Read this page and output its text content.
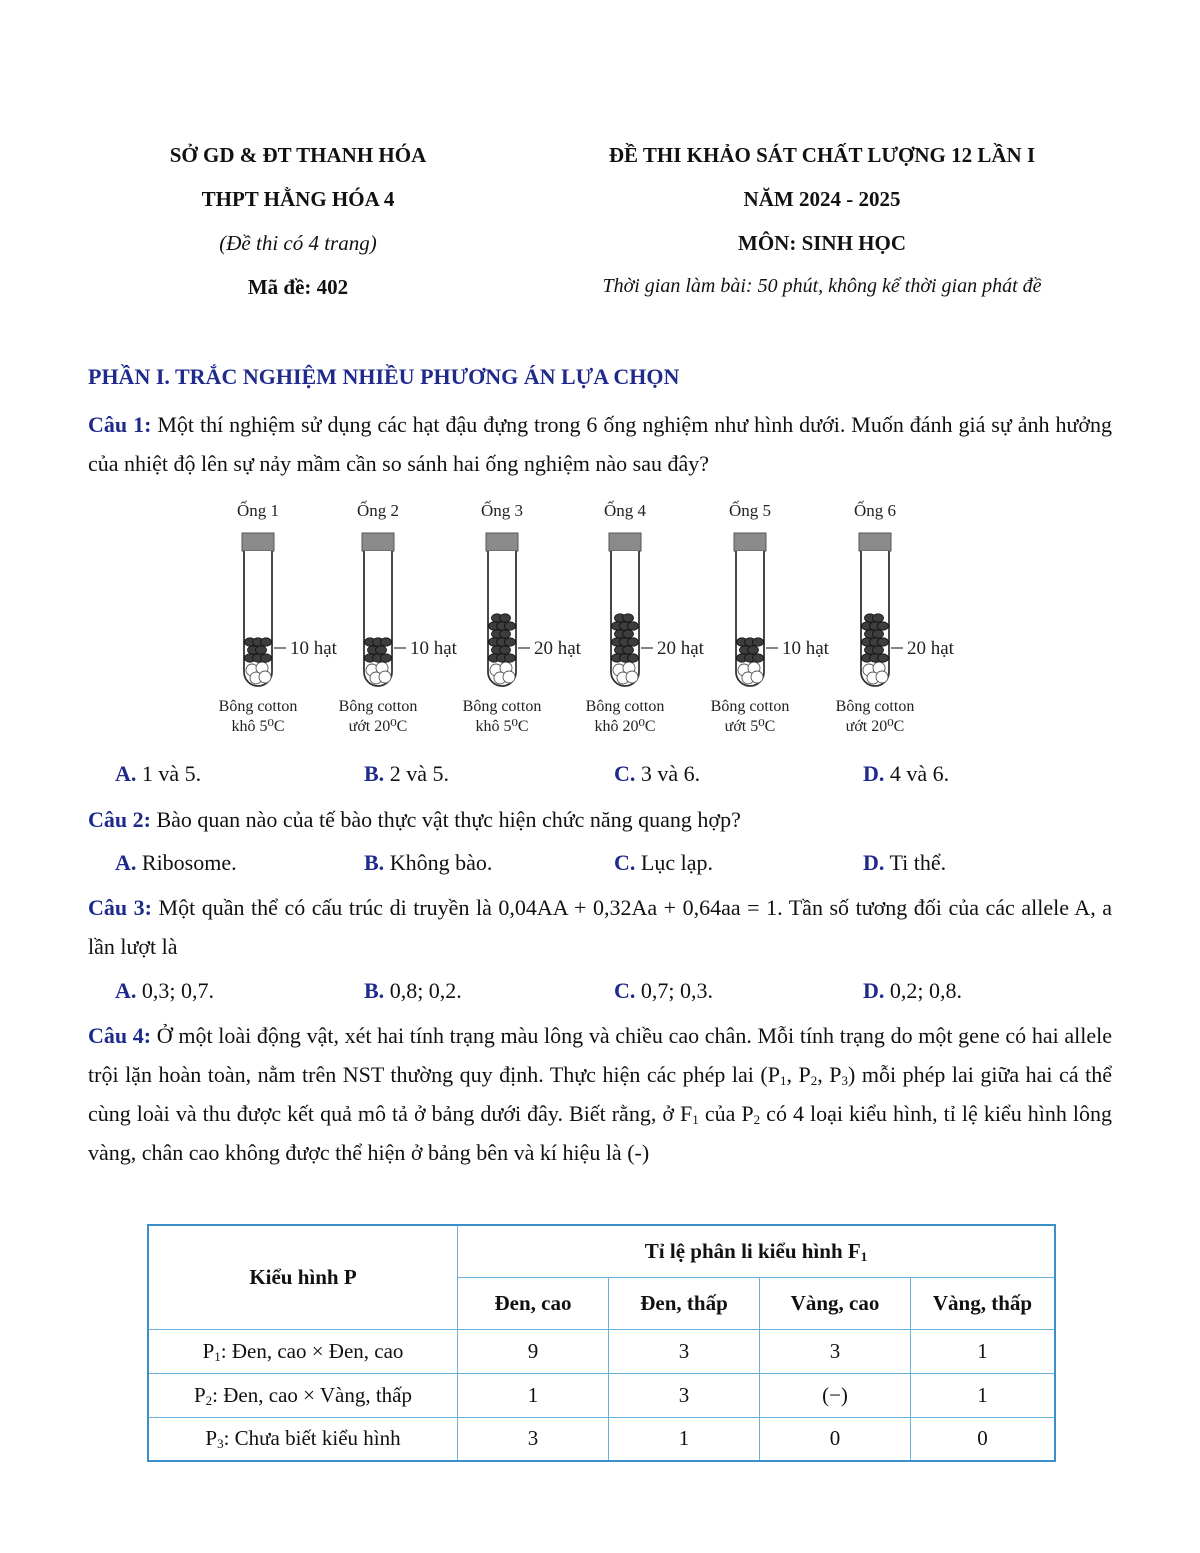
SỞ GD & ĐT THANH HÓA
THPT HẰNG HÓA 4
(Đề thi có 4 trang)
Mã đề: 402
ĐỀ THI KHẢO SÁT CHẤT LƯỢNG 12 LẦN I
NĂM 2024 - 2025
MÔN: SINH HỌC
Thời gian làm bài: 50 phút, không kể thời gian phát đề
PHẦN I. TRẮC NGHIỆM NHIỀU PHƯƠNG ÁN LỰA CHỌN
Câu 1: Một thí nghiệm sử dụng các hạt đậu đựng trong 6 ống nghiệm như hình dưới. Muốn đánh giá sự ảnh hưởng của nhiệt độ lên sự nảy mầm cần so sánh hai ống nghiệm nào sau đây?
Ống 1
10 hạt
Bông cotton
khô 5⁰C
Ống 2
10 hạt
Bông cotton
ướt 20⁰C
Ống 3
20 hạt
Bông cotton
khô 5⁰C
Ống 4
20 hạt
Bông cotton
khô 20⁰C
Ống 5
10 hạt
Bông cotton
ướt 5⁰C
Ống 6
20 hạt
Bông cotton
ướt 20⁰C
A. 1 và 5.	B. 2 và 5.	C. 3 và 6.	D. 4 và 6.
Câu 2: Bào quan nào của tế bào thực vật thực hiện chức năng quang hợp?
A. Ribosome.	B. Không bào.	C. Lục lạp.	D. Ti thể.
Câu 3: Một quần thể có cấu trúc di truyền là 0,04AA + 0,32Aa + 0,64aa = 1. Tần số tương đối của các allele A, a lần lượt là
A. 0,3; 0,7.	B. 0,8; 0,2.	C. 0,7; 0,3.	D. 0,2; 0,8.
Câu 4: Ở một loài động vật, xét hai tính trạng màu lông và chiều cao chân. Mỗi tính trạng do một gene có hai allele trội lặn hoàn toàn, nằm trên NST thường quy định. Thực hiện các phép lai ($P_1$, $P_2$, $P_3$) mỗi phép lai giữa hai cá thể cùng loài và thu được kết quả mô tả ở bảng dưới đây. Biết rằng, ở $F_1$ của $P_2$ có 4 loại kiểu hình, tỉ lệ kiểu hình lông vàng, chân cao không được thể hiện ở bảng bên và kí hiệu là (-)
Kiểu hình P	Tỉ lệ phân li kiểu hình $F_1$
	Đen, cao	Đen, thấp	Vàng, cao	Vàng, thấp
$P_1$: Đen, cao × Đen, cao	9	3	3	1
$P_2$: Đen, cao × Vàng, thấp	1	3	(−)	1
$P_3$: Chưa biết kiểu hình	3	1	0	0
